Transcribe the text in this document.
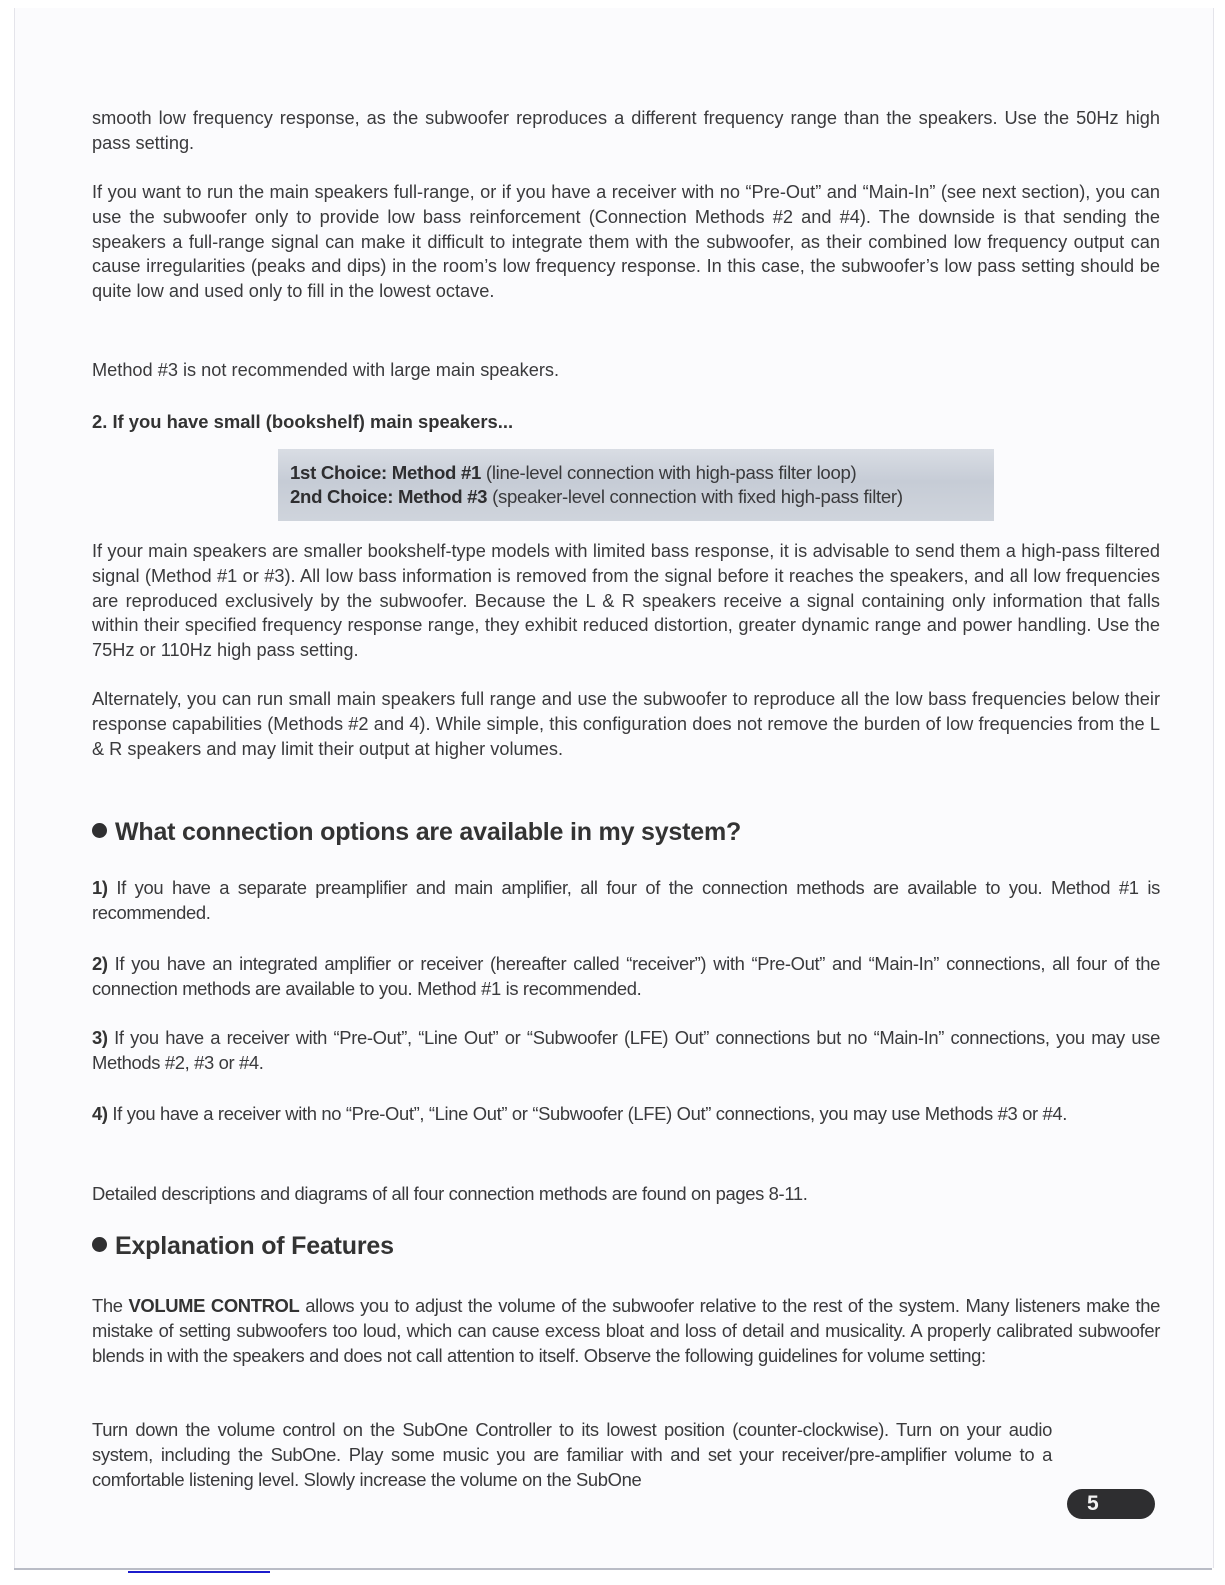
smooth low frequency response, as the subwoofer reproduces a different frequency range than the speakers. Use the 50Hz high pass setting.
If you want to run the main speakers full-range, or if you have a receiver with no “Pre-Out” and “Main-In” (see next section), you can use the subwoofer only to provide low bass reinforcement (Connection Methods #2 and #4). The downside is that sending the speakers a full-range signal can make it difficult to integrate them with the subwoofer, as their combined low frequency output can cause irregularities (peaks and dips) in the room’s low frequency response. In this case, the subwoofer’s low pass setting should be quite low and used only to fill in the lowest octave.
Method #3 is not recommended with large main speakers.
2. If you have small (bookshelf) main speakers...
1st Choice: Method #1 (line-level connection with high-pass filter loop)
2nd Choice: Method #3 (speaker-level connection with fixed high-pass filter)
If your main speakers are smaller bookshelf-type models with limited bass response, it is advisable to send them a high-pass filtered signal (Method #1 or #3). All low bass information is removed from the signal before it reaches the speakers, and all low frequencies are reproduced exclusively by the subwoofer. Because the L & R speakers receive a signal containing only information that falls within their specified frequency response range, they exhibit reduced distortion, greater dynamic range and power handling. Use the 75Hz or 110Hz high pass setting.
Alternately, you can run small main speakers full range and use the subwoofer to reproduce all the low bass frequencies below their response capabilities (Methods #2 and 4). While simple, this configuration does not remove the burden of low frequencies from the L & R speakers and may limit their output at higher volumes.
What connection options are available in my system?
1) If you have a separate preamplifier and main amplifier, all four of the connection methods are available to you. Method #1 is recommended.
2) If you have an integrated amplifier or receiver (hereafter called “receiver”) with “Pre-Out” and “Main-In” connections, all four of the connection methods are available to you. Method #1 is recommended.
3) If you have a receiver with “Pre-Out”, “Line Out” or “Subwoofer (LFE) Out” connections but no “Main-In” connections, you may use Methods #2, #3 or #4.
4) If you have a receiver with no “Pre-Out”, “Line Out” or “Subwoofer (LFE) Out” connections, you may use Methods #3 or #4.
Detailed descriptions and diagrams of all four connection methods are found on pages 8-11.
Explanation of Features
The VOLUME CONTROL allows you to adjust the volume of the subwoofer relative to the rest of the system. Many listeners make the mistake of setting subwoofers too loud, which can cause excess bloat and loss of detail and musicality. A properly calibrated subwoofer blends in with the speakers and does not call attention to itself. Observe the following guidelines for volume setting:
Turn down the volume control on the SubOne Controller to its lowest position (counter-clockwise). Turn on your audio system, including the SubOne. Play some music you are familiar with and set your receiver/pre-amplifier volume to a comfortable listening level. Slowly increase the volume on the SubOne
5
